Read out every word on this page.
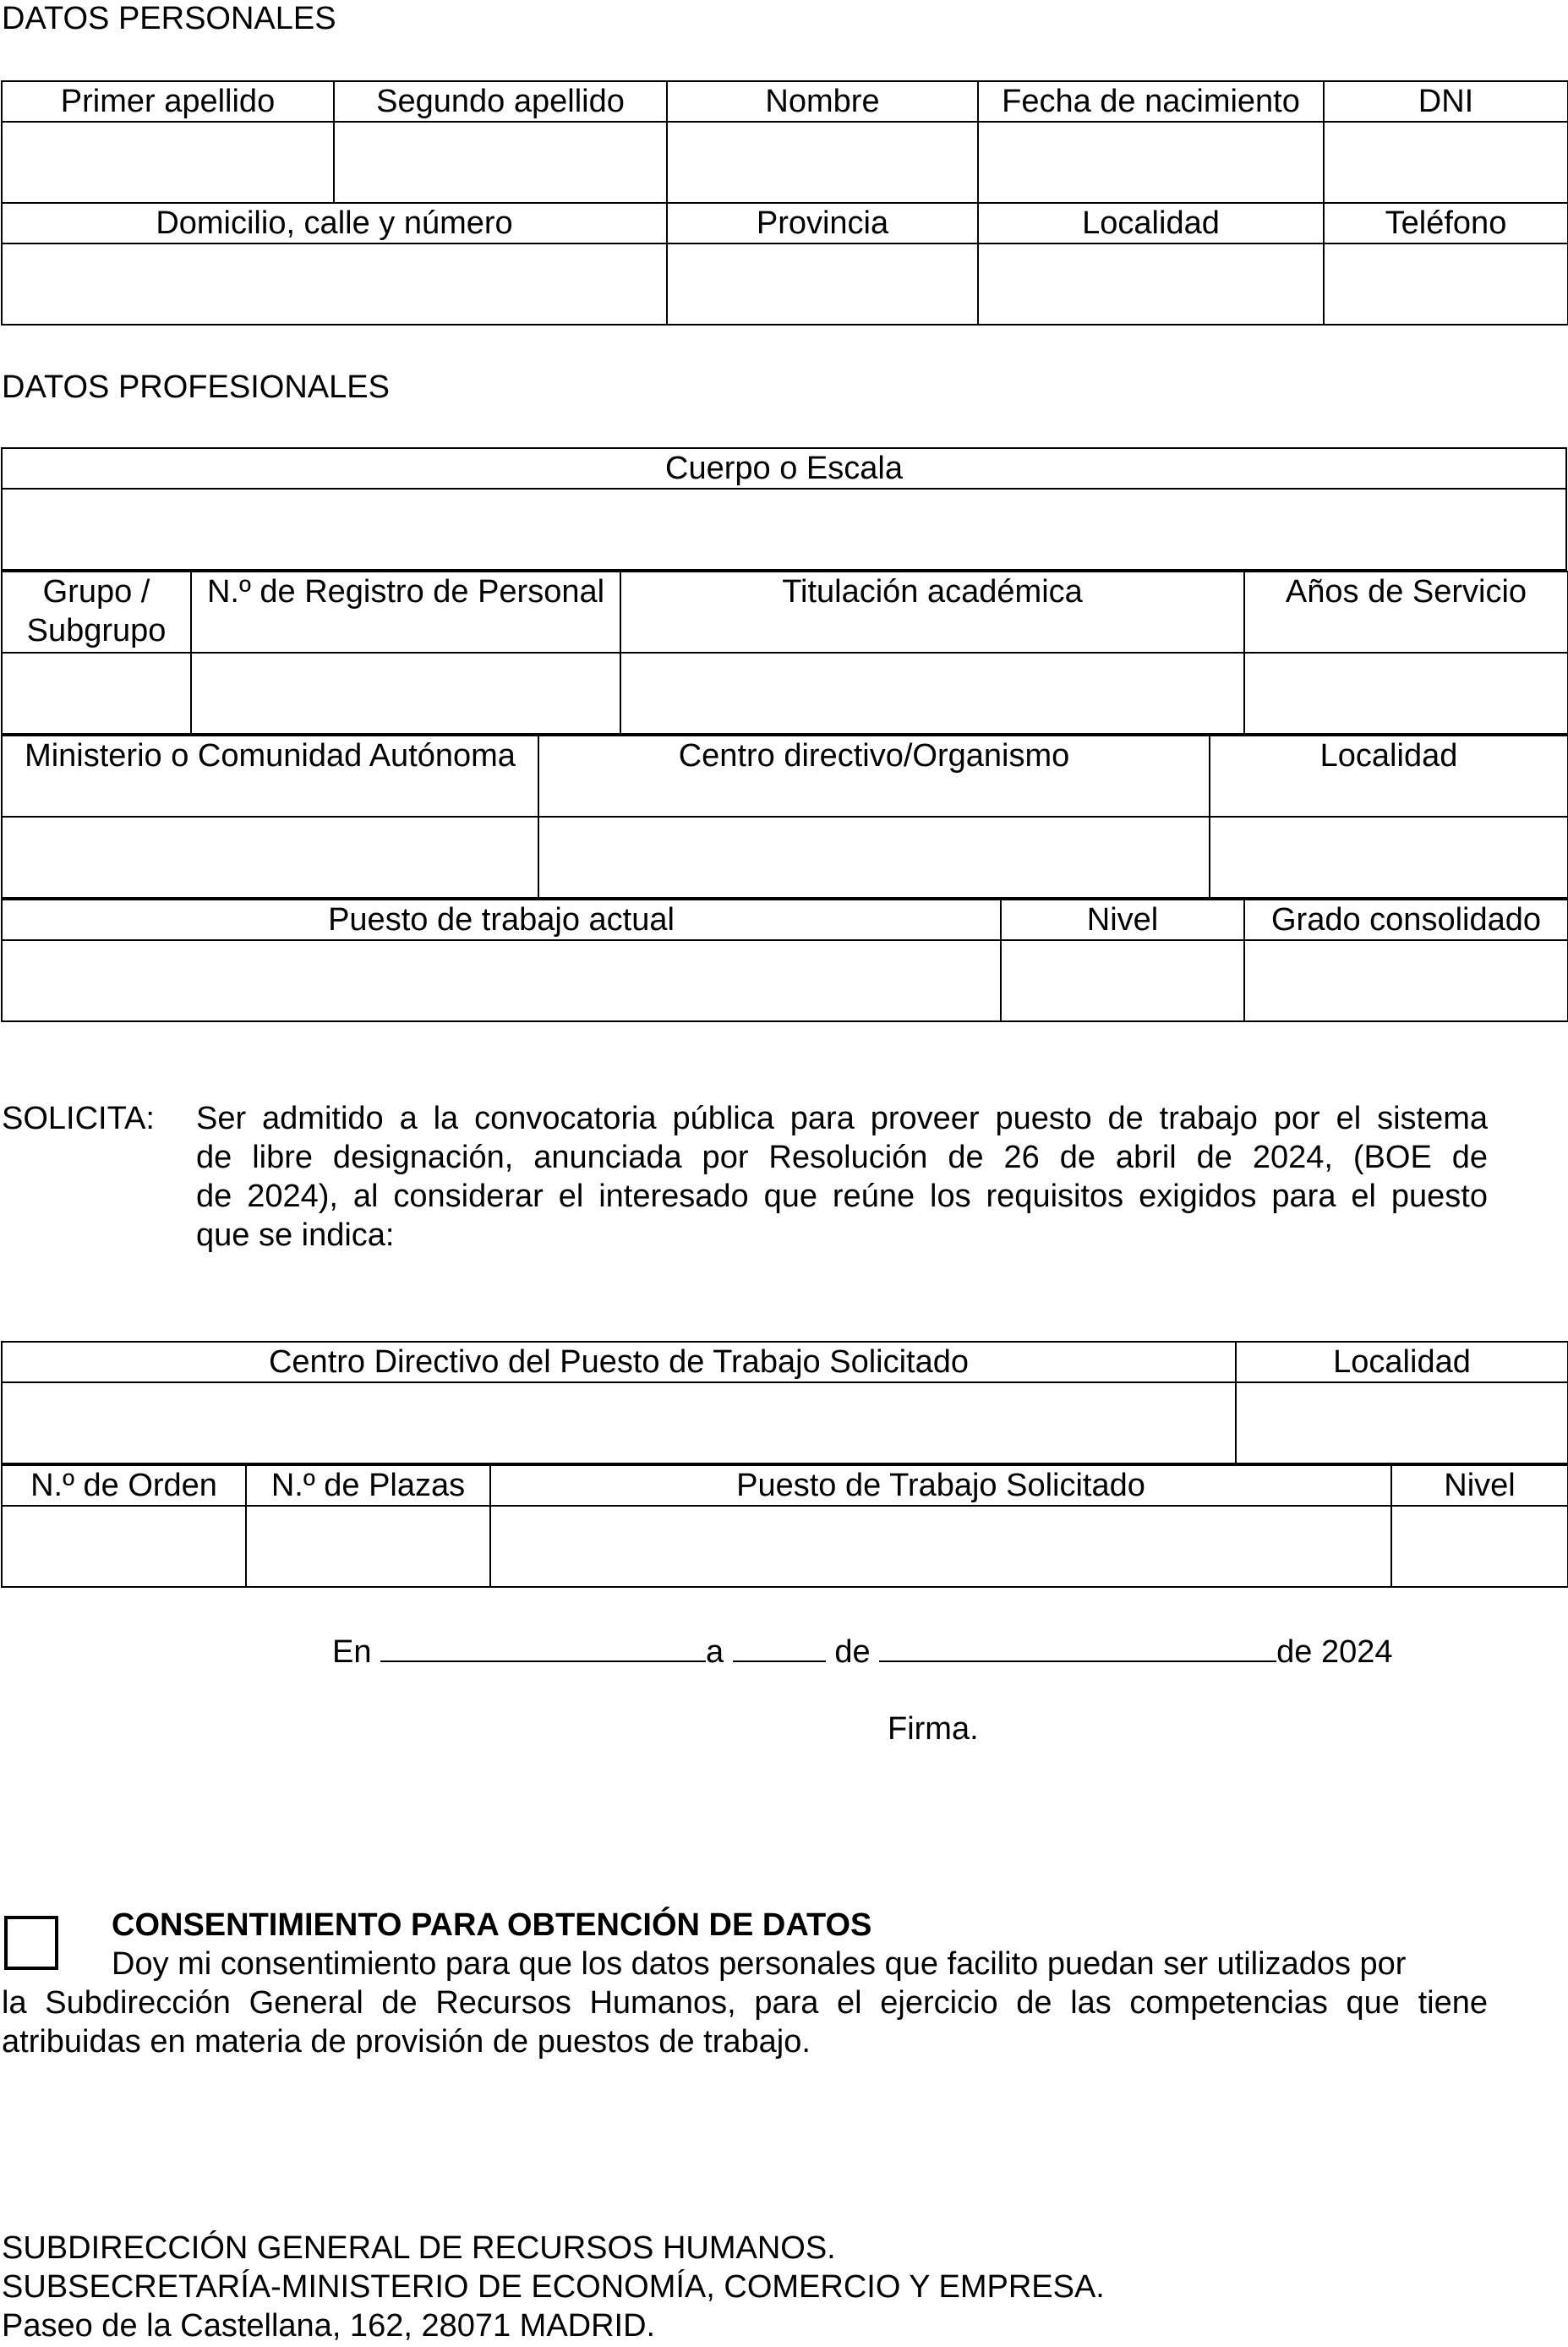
DATOS PERSONALES
Primer apellido	Segundo apellido	Nombre	Fecha de nacimiento	DNI

Domicilio, calle y número		Provincia	Localidad	Teléfono

DATOS PROFESIONALES
Cuerpo o Escala

Grupo / Subgrupo	N.º de Registro de Personal	Titulación académica	Años de Servicio

Ministerio o Comunidad Autónoma	Centro directivo/Organismo	Localidad

Puesto de trabajo actual	Nivel	Grado consolidado

SOLICITA: Ser admitido a la convocatoria pública para proveer puesto de trabajo por el sistema
de libre designación, anunciada por Resolución de 26 de abril de 2024, (BOE de
de 2024), al considerar el interesado que reúne los requisitos exigidos para el puesto
que se indica:
Centro Directivo del Puesto de Trabajo Solicitado	Localidad

N.º de Orden	N.º de Plazas	Puesto de Trabajo Solicitado	Nivel

En	a	de	de 2024
Firma.
CONSENTIMIENTO PARA OBTENCIÓN DE DATOS
Doy mi consentimiento para que los datos personales que facilito puedan ser utilizados por
la Subdirección General de Recursos Humanos, para el ejercicio de las competencias que tiene
atribuidas en materia de provisión de puestos de trabajo.
SUBDIRECCIÓN GENERAL DE RECURSOS HUMANOS.
SUBSECRETARÍA-MINISTERIO DE ECONOMÍA, COMERCIO Y EMPRESA.
Paseo de la Castellana, 162, 28071 MADRID.
